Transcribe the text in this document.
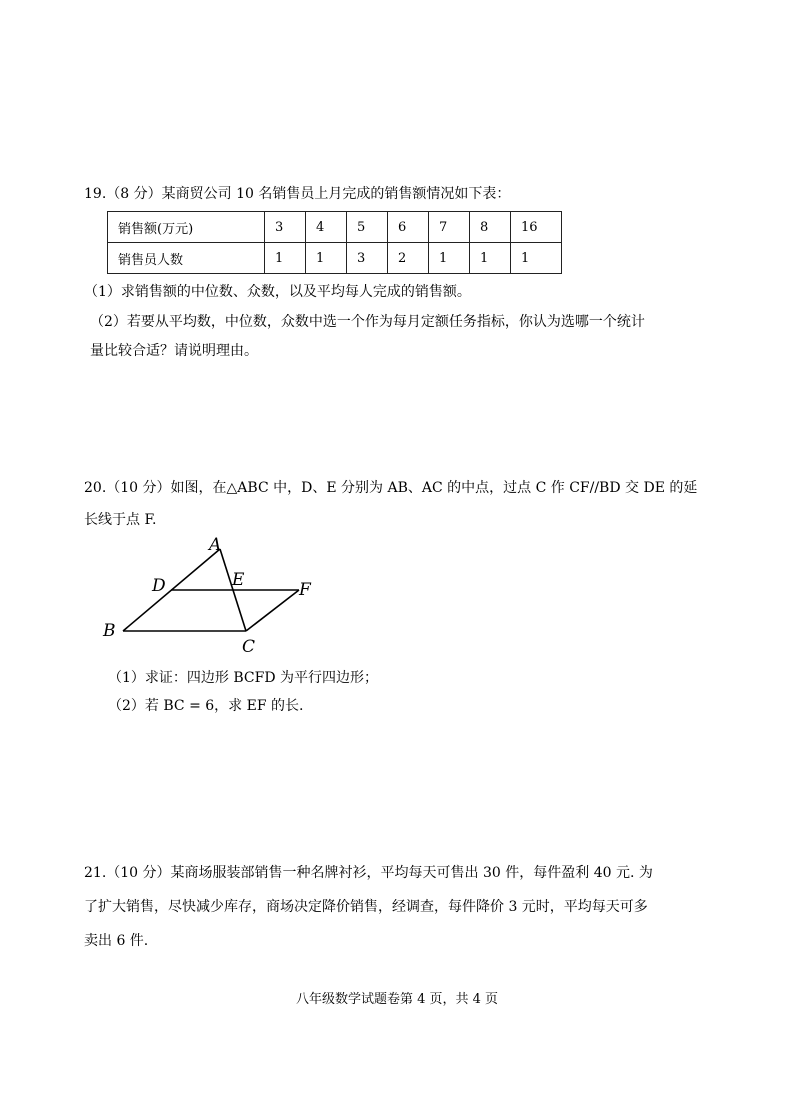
19.（8 分）某商贸公司 10 名销售员上月完成的销售额情况如下表：
销售额(万元)	3	4	5	6	7	8	16
销售员人数	1	1	3	2	1	1	1
（1）求销售额的中位数、众数，以及平均每人完成的销售额。
（2）若要从平均数，中位数，众数中选一个作为每月定额任务指标，你认为选哪一个统计
量比较合适？请说明理由。
20.（10 分）如图，在△ABC 中，D、E 分别为 AB、AC 的中点，过点 C 作 CF//BD 交 DE 的延
长线于点 F.
A
B
C
D	E	F
（1）求证：四边形 BCFD 为平行四边形；
（2）若 BC = 6，求 EF 的长.
21.（10 分）某商场服装部销售一种名牌衬衫，平均每天可售出 30 件，每件盈利 40 元. 为
了扩大销售，尽快减少库存，商场决定降价销售，经调查，每件降价 3 元时，平均每天可多
卖出 6 件.
八年级数学试题卷第 4 页，共 4 页
